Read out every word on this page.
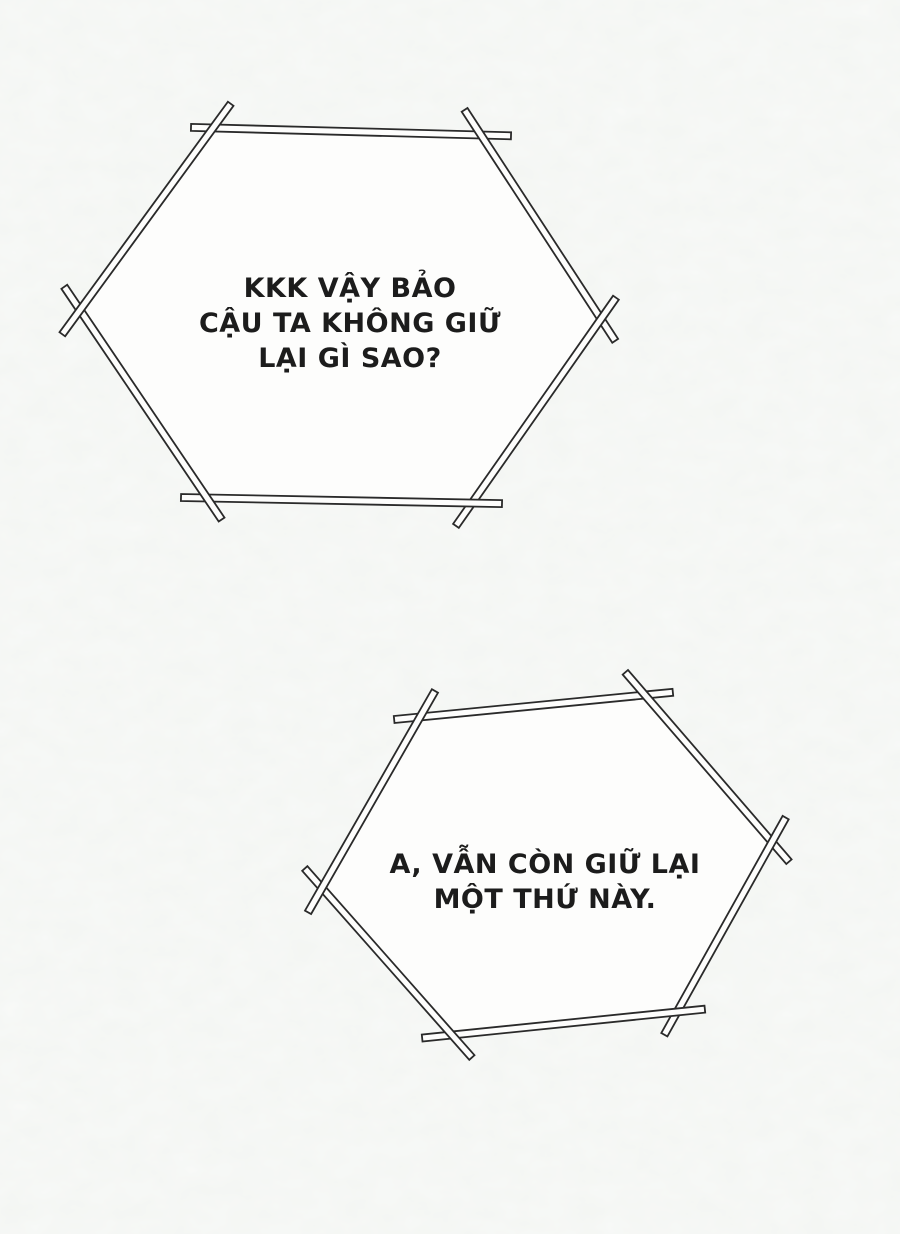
KKK VẬY BẢO
CẬU TA KHÔNG GIỮ
LẠI GÌ SAO?
A, VẪN CÒN GIỮ LẠI
MỘT THỨ NÀY.
